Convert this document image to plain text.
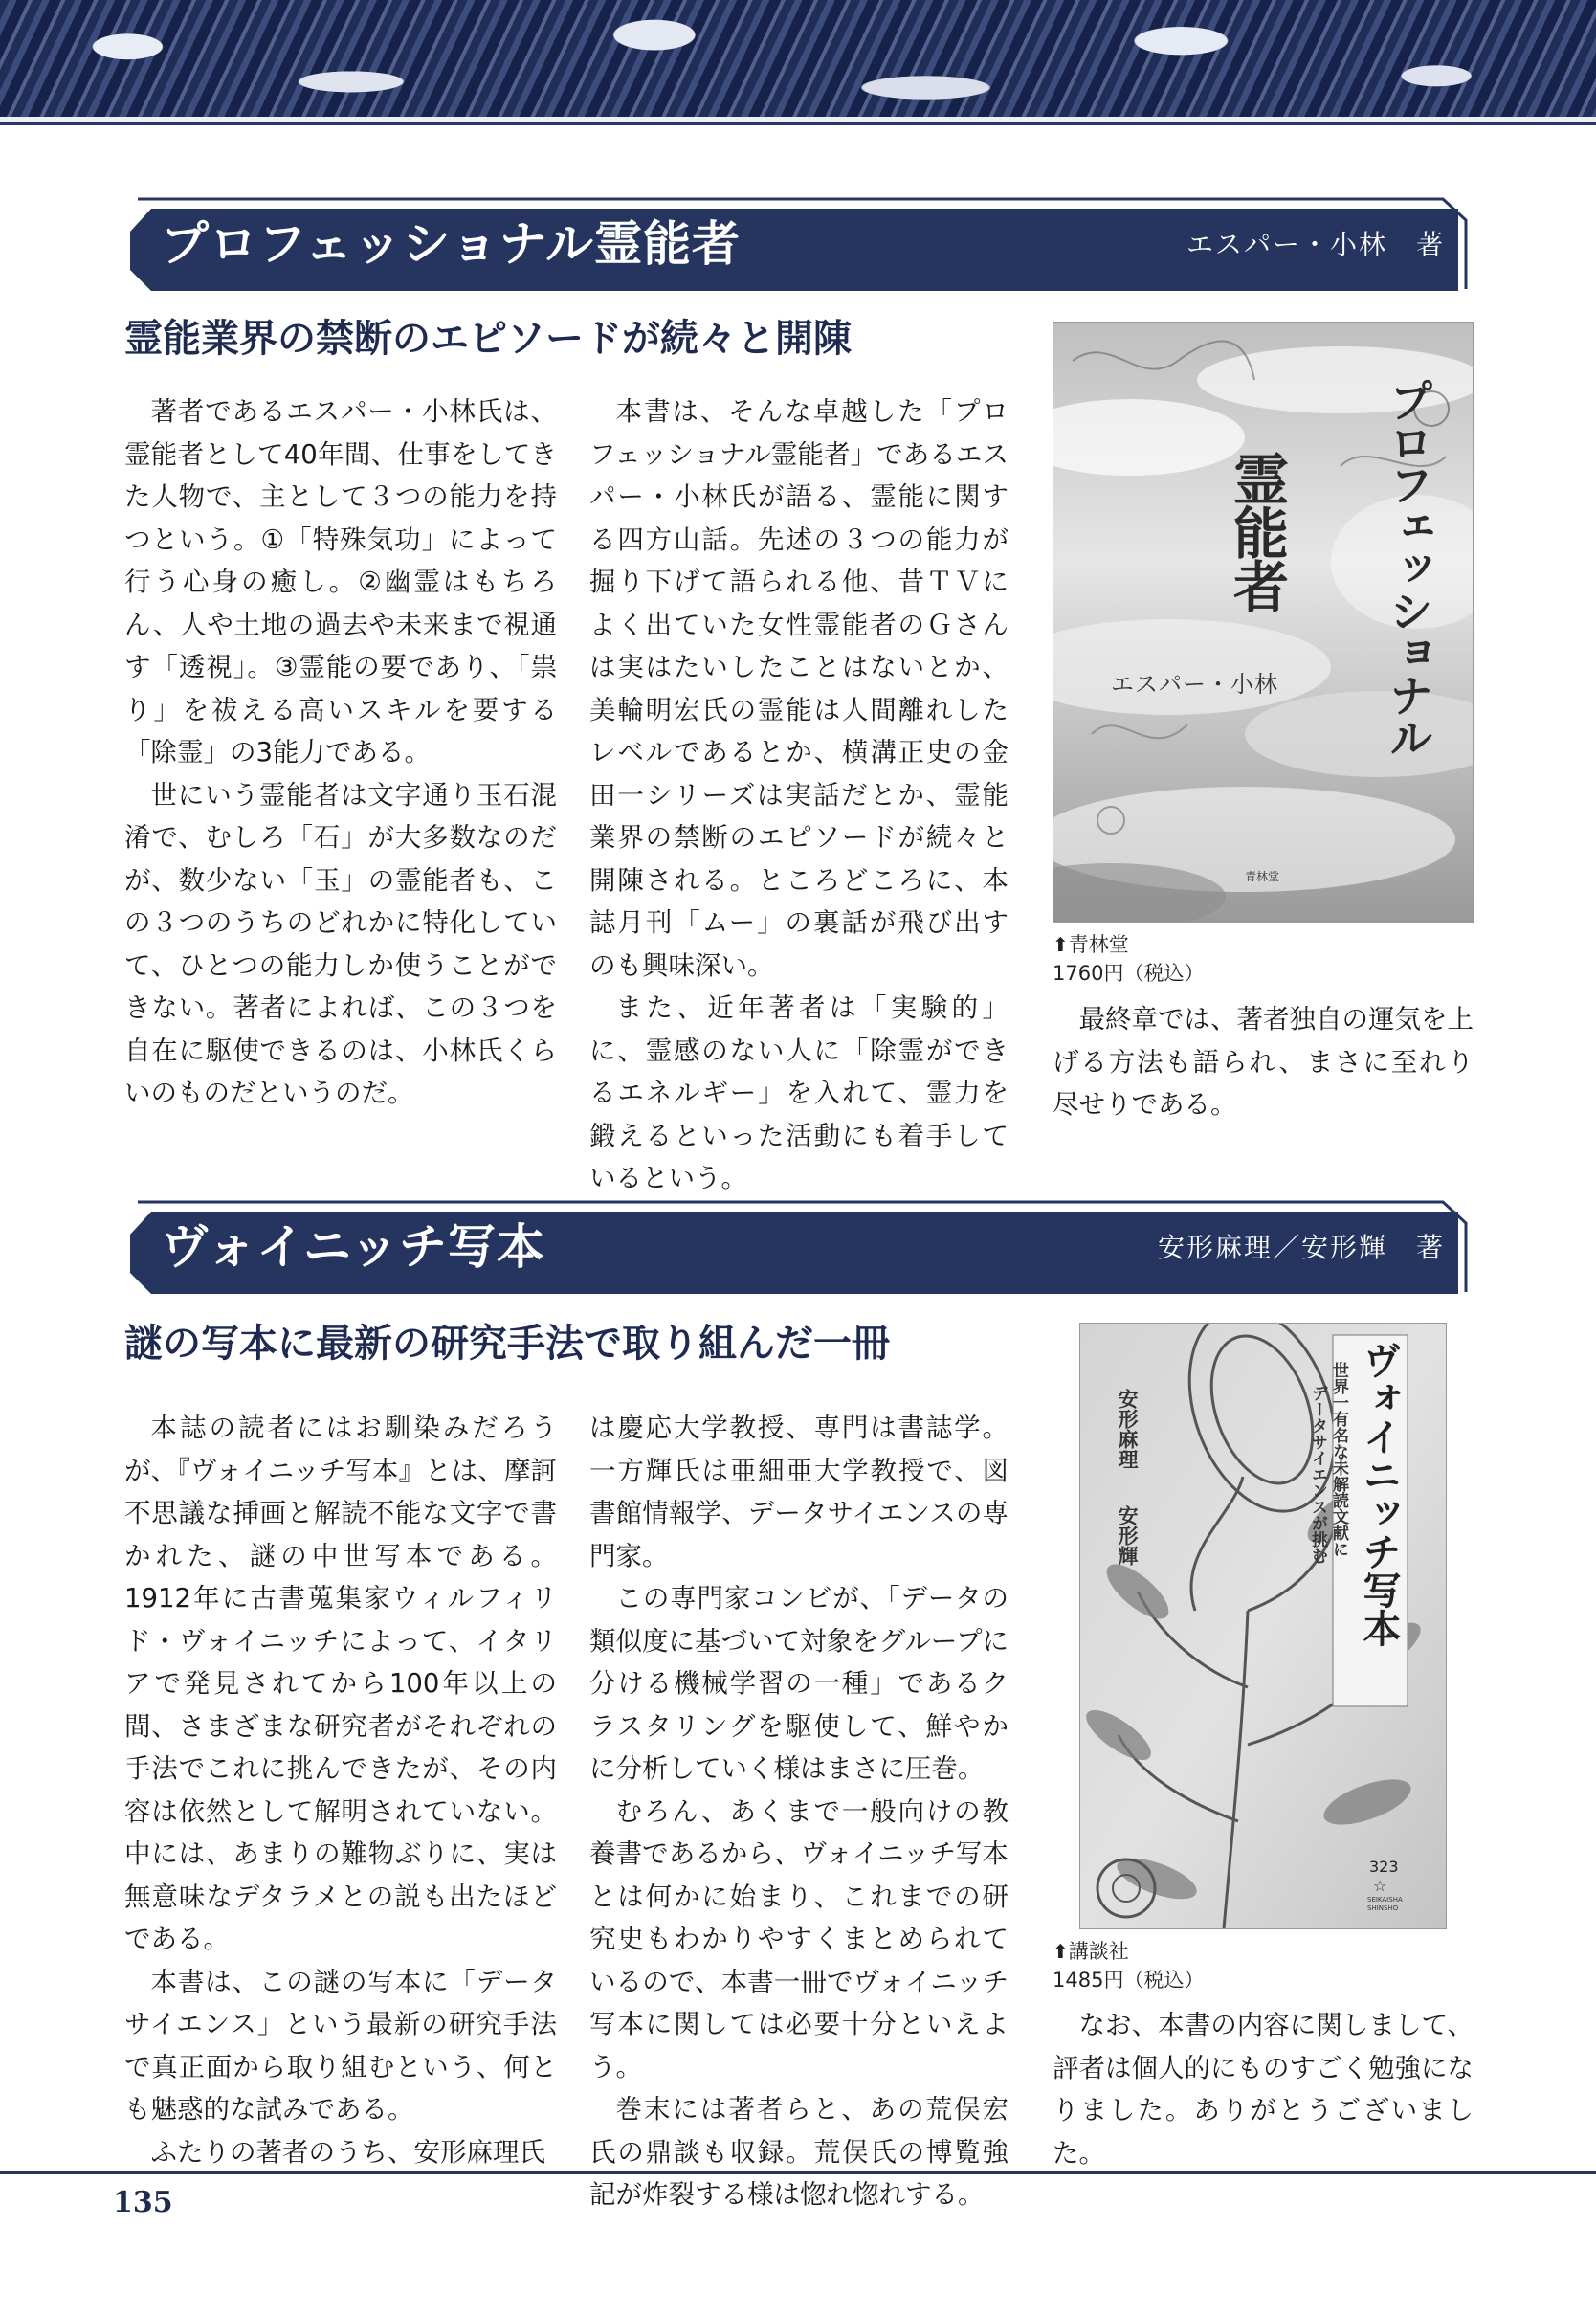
プロフェッショナル霊能者	エスパー・小林　著
霊能業界の禁断のエピソードが続々と開陳

著者であるエスパー・小林氏は、霊能者として40年間、仕事をしてきた人物で、主として３つの能力を持つという。①「特殊気功」によって行う心身の癒し。②幽霊はもちろん、人や土地の過去や未来まで視通す「透視」。③霊能の要であり、「祟り」を祓える高いスキルを要する「除霊」の3能力である。

世にいう霊能者は文字通り玉石混淆で、むしろ「石」が大多数なのだが、数少ない「玉」の霊能者も、この３つのうちのどれかに特化していて、ひとつの能力しか使うことができない。著者によれば、この３つを自在に駆使できるのは、小林氏くらいのものだというのだ。

本書は、そんな卓越した「プロフェッショナル霊能者」であるエスパー・小林氏が語る、霊能に関する四方山話。先述の３つの能力が掘り下げて語られる他、昔ＴＶによく出ていた女性霊能者のＧさんは実はたいしたことはないとか、美輪明宏氏の霊能は人間離れしたレベルであるとか、横溝正史の金田一シリーズは実話だとか、霊能業界の禁断のエピソードが続々と開陳される。ところどころに、本誌月刊「ムー」の裏話が飛び出すのも興味深い。

また、近年著者は「実験的」に、霊感のない人に「除霊ができるエネルギー」を入れて、霊力を鍛えるといった活動にも着手しているという。

プロフェッショナル
霊能者
エスパー・小林
青林堂
⬆青林堂
1760円（税込）

最終章では、著者独自の運気を上げる方法も語られ、まさに至れり尽せりである。

ヴォイニッチ写本	安形麻理／安形輝　著
謎の写本に最新の研究手法で取り組んだ一冊

本誌の読者にはお馴染みだろうが、『ヴォイニッチ写本』とは、摩訶不思議な挿画と解読不能な文字で書かれた、謎の中世写本である。1912年に古書蒐集家ウィルフィリド・ヴォイニッチによって、イタリアで発見されてから100年以上の間、さまざまな研究者がそれぞれの手法でこれに挑んできたが、その内容は依然として解明されていない。中には、あまりの難物ぶりに、実は無意味なデタラメとの説も出たほどである。

本書は、この謎の写本に「データサイエンス」という最新の研究手法で真正面から取り組むという、何とも魅惑的な試みである。

ふたりの著者のうち、安形麻理氏

は慶応大学教授、専門は書誌学。一方輝氏は亜細亜大学教授で、図書館情報学、データサイエンスの専門家。

この専門家コンビが、「データの類似度に基づいて対象をグループに分ける機械学習の一種」であるクラスタリングを駆使して、鮮やかに分析していく様はまさに圧巻。

むろん、あくまで一般向けの教養書であるから、ヴォイニッチ写本とは何かに始まり、これまでの研究史もわかりやすくまとめられているので、本書一冊でヴォイニッチ写本に関しては必要十分といえよう。

巻末には著者らと、あの荒俣宏氏の鼎談も収録。荒俣氏の博覧強記が炸裂する様は惚れ惚れする。

ヴォイニッチ写本
世界一有名な未解読文献に
データサイエンスが挑む
安形麻理
安形輝
323
☆
SEIKAISHA
SHINSHO
⬆講談社
1485円（税込）

なお、本書の内容に関しまして、評者は個人的にものすごく勉強になりました。ありがとうございました。

135
